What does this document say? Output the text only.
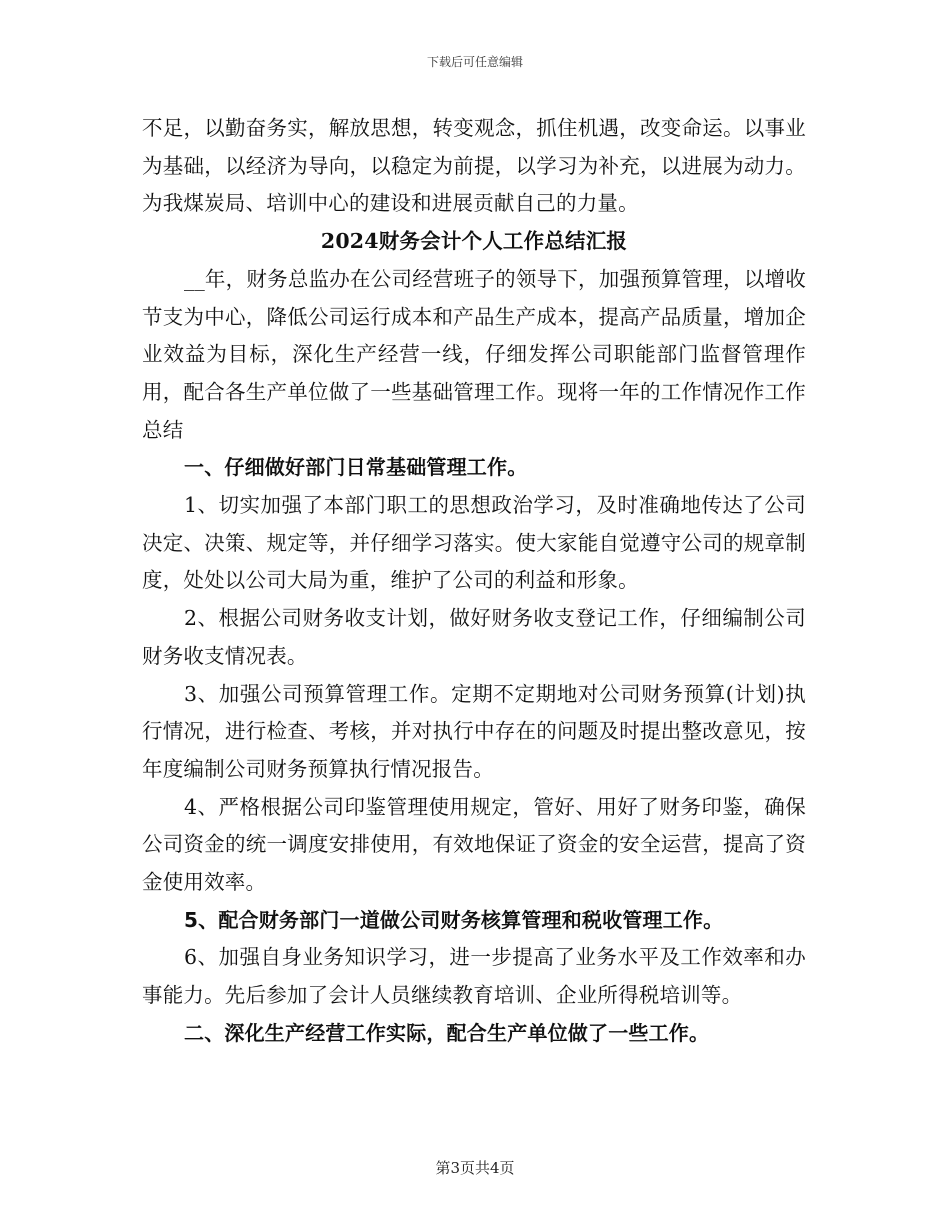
下载后可任意编辑

不足，以勤奋务实，解放思想，转变观念，抓住机遇，改变命运。以事业为基础，以经济为导向，以稳定为前提，以学习为补充，以进展为动力。为我煤炭局、培训中心的建设和进展贡献自己的力量。

2024财务会计个人工作总结汇报

__年，财务总监办在公司经营班子的领导下，加强预算管理，以增收节支为中心，降低公司运行成本和产品生产成本，提高产品质量，增加企业效益为目标，深化生产经营一线，仔细发挥公司职能部门监督管理作用，配合各生产单位做了一些基础管理工作。现将一年的工作情况作工作总结

一、仔细做好部门日常基础管理工作。

1、切实加强了本部门职工的思想政治学习，及时准确地传达了公司决定、决策、规定等，并仔细学习落实。使大家能自觉遵守公司的规章制度，处处以公司大局为重，维护了公司的利益和形象。

2、根据公司财务收支计划，做好财务收支登记工作，仔细编制公司财务收支情况表。

3、加强公司预算管理工作。定期不定期地对公司财务预算(计划)执行情况，进行检查、考核，并对执行中存在的问题及时提出整改意见，按年度编制公司财务预算执行情况报告。

4、严格根据公司印鉴管理使用规定，管好、用好了财务印鉴，确保公司资金的统一调度安排使用，有效地保证了资金的安全运营，提高了资金使用效率。

5、配合财务部门一道做公司财务核算管理和税收管理工作。

6、加强自身业务知识学习，进一步提高了业务水平及工作效率和办事能力。先后参加了会计人员继续教育培训、企业所得税培训等。

二、深化生产经营工作实际，配合生产单位做了一些工作。

第3页共4页
